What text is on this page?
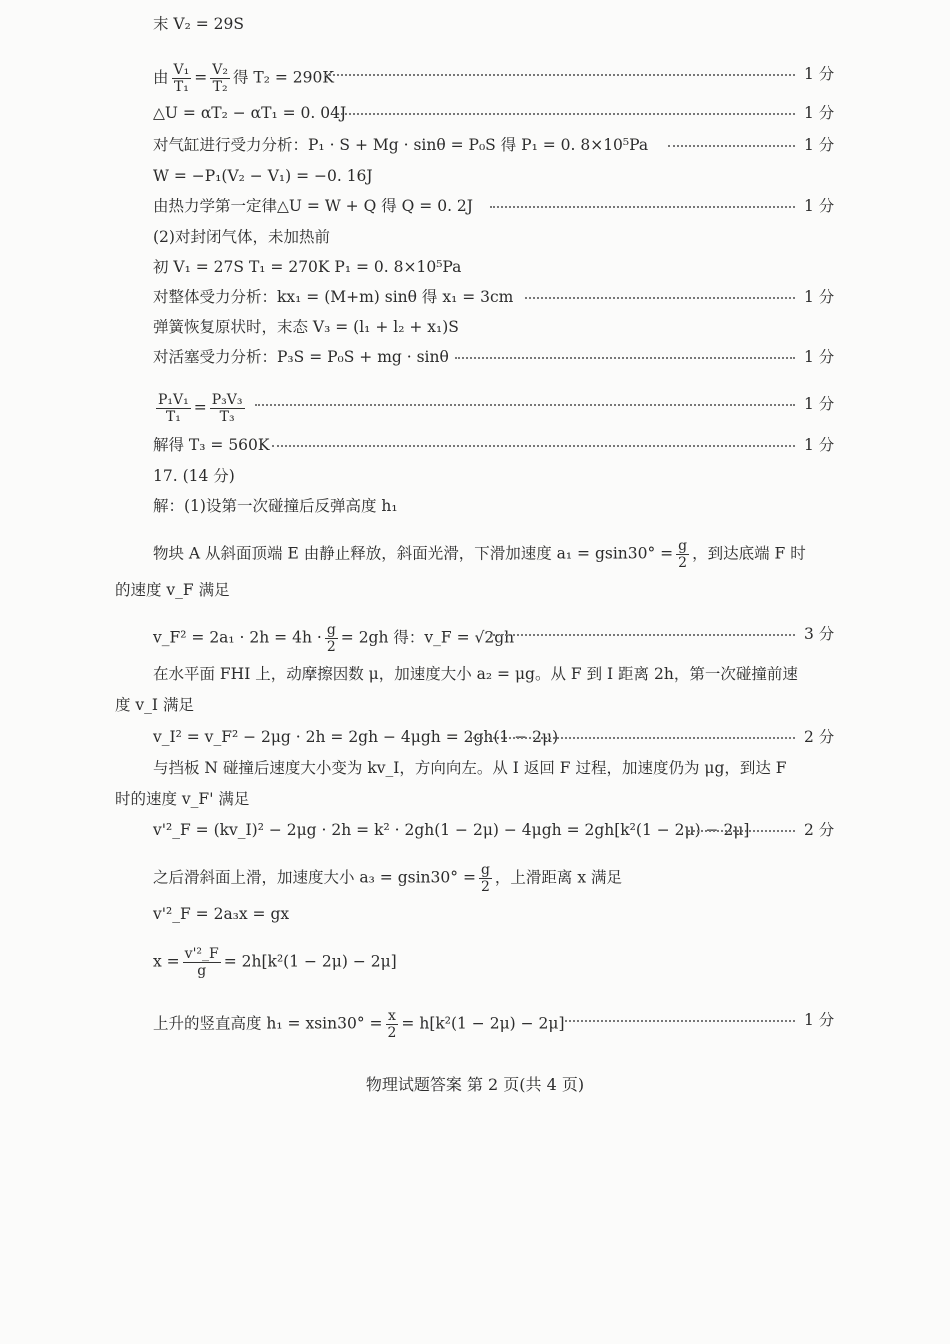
物理试题答案 第 2 页(共 4 页)
末 V₂ = 29S
由 $\frac{\text{V₁}}{\text{T₁}} = \frac{\text{V₂}}{\text{T₂}}$ 得 T₂ = 290K	1 分
△U = αT₂ − αT₁ = 0. 04J	1 分
对气缸进行受力分析：P₁ · S + Mg · sinθ = P₀S 得 P₁ = 0. 8×10⁵Pa	1 分
W = −P₁(V₂ − V₁) = −0. 16J
由热力学第一定律△U = W + Q 得 Q = 0. 2J	1 分
(2)对封闭气体，未加热前
初 V₁ = 27S T₁ = 270K P₁ = 0. 8×10⁵Pa
对整体受力分析：kx₁ = (M+m) sinθ 得 x₁ = 3cm	1 分
弹簧恢复原状时，末态 V₃ = (l₁ + l₂ + x₁)S
对活塞受力分析：P₃S = P₀S + mg · sinθ	1 分
$\frac{\text{P₁V₁}}{\text{T₁}} = \frac{\text{P₃V₃}}{\text{T₃}}$	1 分
解得 T₃ = 560K	1 分
17. (14 分)
解：(1)设第一次碰撞后反弹高度 h₁
物块 A 从斜面顶端 E 由静止释放，斜面光滑，下滑加速度 $a_1 = gsin30^\circ = \frac{g}{2}$ ，到达底端 F 时
的速度 v_F 满足
v_F² = $2a_1 \cdot 2h = 4h \cdot \frac{g}{2} = 2gh$ 得：v_F = √2gh	3 分
在水平面 FHI 上，动摩擦因数 μ，加速度大小 a₂ = μg。从 F 到 I 距离 2h，第一次碰撞前速
度 v_I 满足
v_I² = v_F² − 2μg · 2h = 2gh − 4μgh = 2gh(1 − 2μ)	2 分
与挡板 N 碰撞后速度大小变为 kv_I，方向向左。从 I 返回 F 过程，加速度仍为 μg，到达 F
时的速度 v_F' 满足
v'²_F = (kv_I)² − 2μg · 2h = k² · 2gh(1 − 2μ) − 4μgh = 2gh[k²(1 − 2μ) − 2μ]	2 分
之后滑斜面上滑，加速度大小 $a_3 = gsin30^\circ = \frac{g}{2}$ ，上滑距离 x 满足
v'²_F = 2a₃x = gx
$x = \frac{\text{v'²\_F}}{g} = 2h[k^2(1 - 2\mu) - 2\mu]$
上升的竖直高度 $h_1 = xsin30^\circ = \frac{x}{2} = h[k^2(1 - 2\mu) - 2\mu]$	1 分
